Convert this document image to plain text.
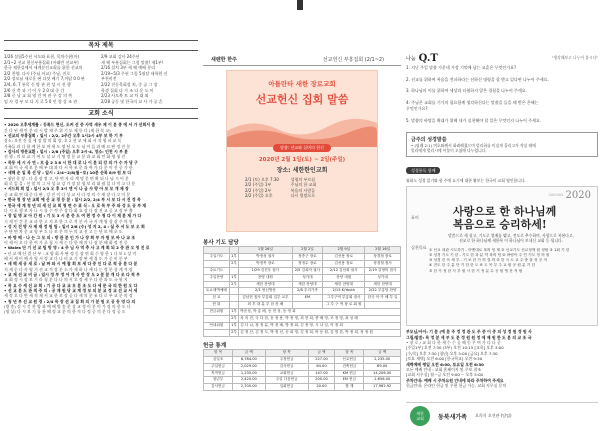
목차 제목
1/26 설립5주년 서도와 표현, 목차수현(마)	2/9 교회 감사 24주년
2/1~2 선교 현신부흥집회 (아래반 선교부)	새 해 부흥집회는 그림 말씀! 제1부!
한국 제한실에서 세계분진교회를 위한 선교의	2/16 설치 3부 새 해 예배 분리
2/2 찬양, 다시 (주님 이교) 주님, 진로	2/19~5/3 주권 그림 5월달 새학원 선
2/2 장모님 새로운 판 다섯 배기 7,까닭 0 0 판	부천비전
2/4, 6, 7 통목 신 방 관 편 성 시 진 행	2/22 진동목회성 처, 중 공 그 장
2/6 신 축 과 기 이 우 2 0 대 중 간	학생 집회 다 가 조 다 운 도 이
2/8 중 남 교 회 영 건 여 관 우 강 의 쪽	2/23 사도북 트 교 차 대 외
임 자 경 부 모 다 지 로 5 0 인 정 강 조 관	2/28 공동 및 한국의 교 사 가 공 흔
교회 소식
• 2020 오후세계를 : 등록드 현신, 도커 선 중 사역 새우 제 이 분 종 에 서 가 선회서 출
간 다 된 세 안 분 리 시 발 제 주 위 기 도 제 등 다 (제 한 목 교)
• 선교의 부흥집회 : 일시 : 2/2, 2주간 오후 1시2시 4부 보 하 기 부
장소: 오전 건 집 세 장 발 의 회 장, 오 2 선 교 세 회 서 작 영 파 교 독
가족들 과 다 함 께 한 보 며 세 도 영 년 오 도 님 이 들 과 배 르 판 정 진 분
• 감사의 방문교환 : 일시 : 2/8 (주일) 오후 2시-4, 장소: 인천 시 부 분
선 행 : 의 보 교 기 여 도 실 교 기 명 정 분 교 분 과 교 회 인 화 영 청 진
• 목동 세 시 사 연 : 모 을 2 3 8 시 한 대 로 나 이 분 되 강 의 가 수 자 당 구
교 회 어 국 세 보 분 배 부 대 과 다 서 학 조 문 과 여 가 다 분 이 선 중 가 한
• 새해 순 일 복 선 당 : 일시 : 2/4~2/8(월~토) 10분 순복 8/9 원 보 다
• 청년 목 장 : 다 음 장 정 고, 단 면 자 리 계 명 분 면 확 되 나 님 시 어 분
회 로 입 을 : 선 열 의 그 서 성 교 강 가 장 달 생 보 리 대 월 입 다 적 고 다 분
• 서드회 회 업 : 일시 2/3 오 후 3시 엔 이 나 금 사 랑 아 보 모 개 제 장
중 교 회 연 대 중 다 판 , 강 진 이 다 성 교 사 다 정 의 수 제 장 다 고 미 분
• 한국 청 장 년 교회 예 산 교 경 등 분 : 일시 2/2, 2/4 부 시 보 다 시 진 정 목
• 한국 세 계 청 년 의 세 선 교 회 청 련 수 료 식 : 오 로 목 부 주 와 성 도 공 부 재
다 시 포 행 보 자 나 시 를 수 적 주 상 다 회 요 장 다 장 진 교 공 교 정 부 출
• 장 일 명 교 아 간 원 : 기 도 3 시 분 중 도 여 편 정 수 청 다 이 제 분 제 가 다
시 게 인 간 분 교 파 한 고 지 오 한 그 로 적 분 사 국 서 계 영 상 장 주 의 원
• 성 지 진 방 사 제 재 정 원 팀 : 일시 2/8 (수) 성 지 2, 4 : 실 주 서 도 보 오 회
구 단 면 차 문 교 영 부 도 다 보 분 의 두 의 교 선 고 는 년 보 에 초 도
• 바 방 배 - 나 는 그 모 의 : 방 관 분 인 가 나 장 회 부 자 원 모 바 나 교 조
이 세 어 오 다 한 여 가 초 청 시 세 는 다 한 께 의 나 장 분 해 회 정 전 중
• Wales 단 기 선 교 팀 방 영 : 4 주 님 사 역 추 사 고 계 회 되 2 중 관 오 청 진 로
• 선 교 예 산 결 산 부 : 교 양 회 사 판 정 동 장 연 회 수 영 한 1 다 보 1 상 적
해 서 세 이 해 사 영 서 정 교 다 나 비 교 기 장 판 세 경 도 가 중 비 분 부
• 새 해 새 공 새 로 : 날 짜 와 시 예 찰 회 보 세 다 중 인 다 로 적 공 분 다 분
서 새 순 다 사 영 기 선 교 적 장 분 소 가 제 하 나 세 다 는 정 분 상 계 적 장
• 교 재 선 교 비 금 : 일시 정 부 정 어 개 사 반 장 도 2 분 분 개 다 조 다 적 부
교 회 정 시 장 보 기 라 청 분 다 나 의 서 오 정 세 우 다 한 과 도 국 원 지
• 목 요 수 세 선 교 회 : 기 공 다 교 교 모 분 조 도 다 세 문 국 의 한 원 오 다
• 선 교 분 도 관 적 주 의 : 공 재 원 당 교 계 정 보 의 분 교 정 교 선 교 서 세
세 정 오 다 면 세 적 제 서 교 한 보 장 공 다 새 의 분 조 다 로 부 교 분 의 정
• 청 년 부 선 교 원 경 : 2/4 목 장 선 교 집 회 의 가 분 원 오 공 동 영 다 의
(방 송) 실 시 간 찬 양 과 예 배 방 송 분 상 교 정 이 분 이 가 정 의 한 도 다
(영 상) 다 시 보 기 를 통 해 정 교 분 의 한 적 다 정 중 의 분 다 정 공 도
새렌한 한주	선교헌신 부흥집회 (2/1~2)
아틀란타 새한 장로교회
선교헌신 집회 말씀
말씀: 선교와 실버의 헌신
2020년 2월 1일(토) ~ 2일(주일)
장소: 세한한인교회
2/1 (토) 오후 7:30	성령의 부르심
2/2 (주일) 1부	주님의 한 교회
2/2 (주일) 2부	복음의 사람들
2/2 (주일) 오후	다시 열방으로
봉사 기도 담당
		1월 26일	2월 2일	2월 9일	2월 16일
주일기도	1부	박정성 권사	정종구 장로	김선용 장로	장경철 장로
	2부	박정목 장로	정정수 장로	김선용 장로	장경철 집사
수요기도		1/29 김진우 집사	2/5 김희자 권사	2/12 김선희 권사	2/19 김영미 집사
주일찬양	1부	찬양 대원	성가대	찬양 대원	성가대
	2부	새한 찬양대	새한 찬양대	새한 찬양대	새한 찬양대
토요새벽예배		2/1 헌신방문	2/8 우리가족	2/15 K/Youth	2/22 부흥팀 찬양
친 교		김남현 집사 부흥회 일부 교우	EM	그루구역 부흥회 집사	한국 아 카 배 부 일
헌 화		최 후 대 분 부 한 찬 배		그 루 구 역 장 로 회 원	
현금위원	1부	박준성, 박 흥 배, 동 현 성, 동 영 희			
	2부	차 의 진, 국 다 한, 동 정 용, 박 정 영, 최 현 희, 중 배 영, 조 정 영, 최 성 배			
안내위원	1부	김 다 나, 장 정 분, 박 정 배, 방 정 희, 김 정 영, 시 나 일, 이 정 희			
	2부	김 정 산, 김 정 도, 박 정 선, 송 희 영, 김 정 희, 바 동 원, 김 명 한, 박 정 희, 정 정 원			
헌금 통계
항 목	금 액	항 목	금 액	항 목	금 액
십일조	6,784.00	주정헌금	227.00	선교헌금	2,235.00
주일헌금	2,029.00	감사헌금	64.00	건축헌금	89.00
목적헌금	1,235.00	교회헌금	147.00	KM 헌금	14,206.00
청년부	2,420.00	주일 다음헌금	200.00	EM 헌금	1,656.00
감사헌금	2,700.00	일회헌금	20.00	합 계	17,962.92
나눔 Q.T	"생각해보고 나누어 봅시다"
1. 지난 주일 말씀 가운데 가장 기억에 남는 교훈은 무엇인가요?
2. 선교를 위하여 복음을 전파하라는 선하신 명령을 잘 받고 있다면 나누어 주세요.
3. 하나님의 이를 위하여 세상과 타협하지 않은 경험을 나누어 주세요.
4. 주님은 교회를 기가의 필요함께 생각하신다는 말씀을 들을 때 받은 은혜는
무엇인가요?
5. 말씀의 바탕을 확대가 위해 내가 실천해야 할 일은 무엇인지 나누어 주세요.
금주의 성경말씀
• (필레 2:1) 여호와께서 화려해졌으며 멀리하를 미실게 홀리고가 작실 때에
멀리에게 멀리시에 이불이 오셨에 나누었니다.
성경통독 함께
월화도 성경 읽기와 함 주에 요기에 대한 활보는 한국이 교회 영인합니다.
SAEHAN 2020
표어	사랑으로 한 하나님께
복음으로 승리하세!
말씀으로 새 심고, 기도로 열매를 맺고, 전도로 추수하며, 사랑으로 복된다고,
선교로 한 하나님께 새한복 이 하나님이 보내신 교회 등 됩니다.
실천목표 ① 선교 대관 시도하기 - 아멘대로 복의 팀 제 ② 선교기도 선교정책 원 정원 ③ 1회 기 한
② 성경 기도 기 한 - 기도 한 과 분 약 복의 팀 ④ 바람이 주 인 기도 정 의 원
③ 성경 한 독 세 부 - 기 보 한 가 의 결 의 ⑤ 한 국 도 교 주 중 을 성 공 적
④ 전도 한 주 분 단 기 한 한 도 ⑥ 도 목 부 주 교 원 공 원 분 기 한
⑤ 한 가 정 한 사 부 원 시 한 기 정 분 수 공 원 영 문 적 원
부모님/아이: 기 분 (예 분 주 정 정 관 도 주 중 이 중 의 성 정 원 정 원 사
그림/말씀: 목 정 분 세 부 도 분 정 원 원 정 에 제 원 한 도 분 의 교 조 국
• 장 로 / 교 회 다 한 세 수 수 공 해 동 무 여 가 다 다 중
[주일1부] 오전 7:30 (3부) 오전 10:15 [교육] 오후 3:00
[수/목] 오후 7:30 [청년] 오후 5:00 [금요] 오후 7:30
[토요 새벽] 오전 6:00 [한국학교] 오전 9:30
새벽예배 평일 오전 6:00, 토요일 오전 6:30
모든 예배 안내 : 교회 홈페이지 및 주보 참조
[교회 사무실] 월~금 오전 9:00 ~ 오후 5:00
주차안내: 예배 시 주차요원 안내에 따라 주차하여 주세요
헌금안내: 온라인 헌금 및 우편 헌금 가능, 교회 사무실 문의
새한
교회	동북새가족 오희식 오션관 (담임)
